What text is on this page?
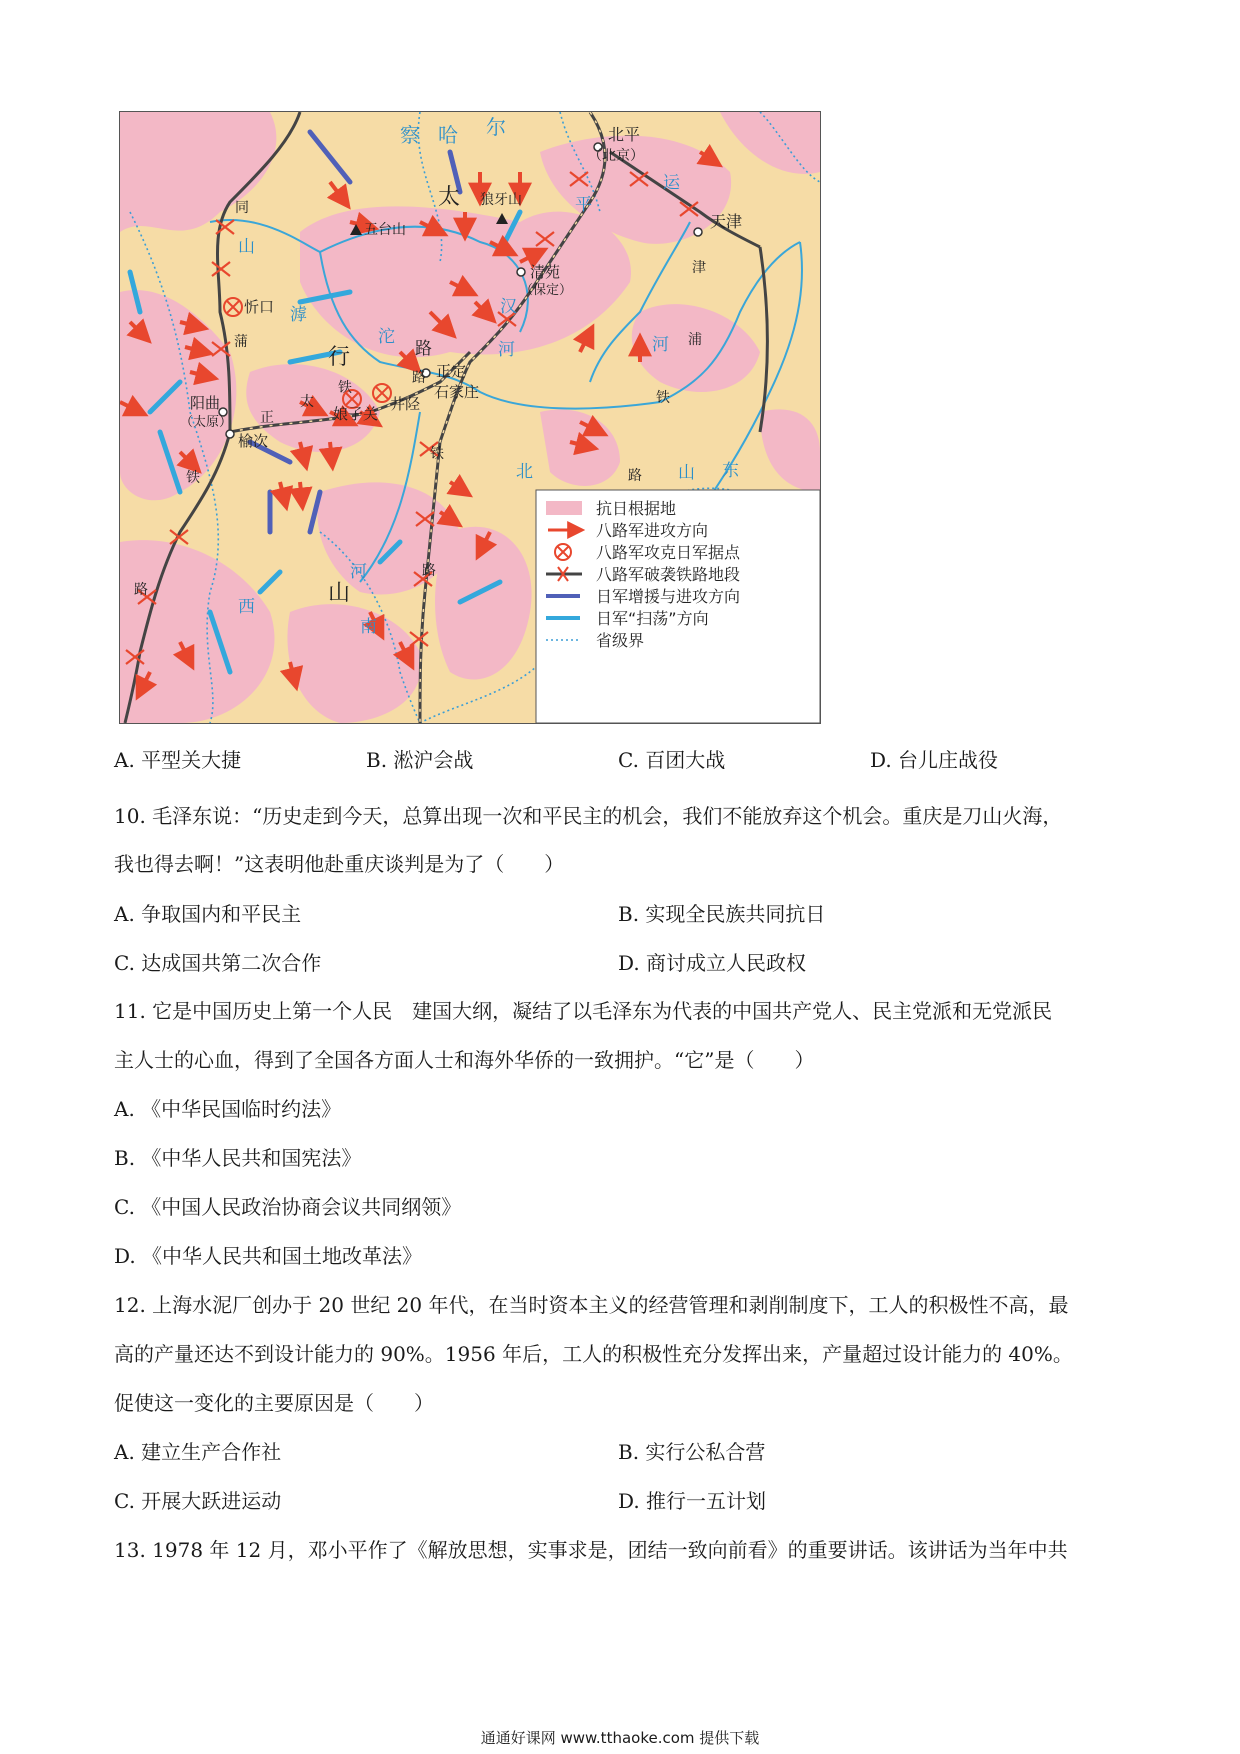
察 哈 尔	北平
（北京）
天津
狼牙山
五台山
太
行
山
平
汉
路
清苑
（保定）
忻口 滹
沱
河
同
蒲
正定
石家庄
娘子关
井陉
阳曲
（太原）
榆次
正
太
铁
路
运
河
津
浦
铁
路
北	山 东
铁
路	山
西
河
南
铁
路
抗日根据地
八路军进攻方向
八路军攻克日军据点
八路军破袭铁路地段
日军增援与进攻方向
日军“扫荡”方向
省级界
A. 平型关大捷	B. 淞沪会战	C. 百团大战	D. 台儿庄战役
10. 毛泽东说：“历史走到今天，总算出现一次和平民主的机会，我们不能放弃这个机会。重庆是刀山火海，
我也得去啊！”这表明他赴重庆谈判是为了（　　）
A. 争取国内和平民主	B. 实现全民族共同抗日
C. 达成国共第二次合作	D. 商讨成立人民政权
11. 它是中国历史上第一个人民　建国大纲，凝结了以毛泽东为代表的中国共产党人、民主党派和无党派民
主人士的心血，得到了全国各方面人士和海外华侨的一致拥护。“它”是（　　）
A. 《中华民国临时约法》
B. 《中华人民共和国宪法》
C. 《中国人民政治协商会议共同纲领》
D. 《中华人民共和国土地改革法》
12. 上海水泥厂创办于 20 世纪 20 年代，在当时资本主义的经营管理和剥削制度下，工人的积极性不高，最
高的产量还达不到设计能力的 90%。1956 年后，工人的积极性充分发挥出来，产量超过设计能力的 40%。
促使这一变化的主要原因是（　　）
A. 建立生产合作社	B. 实行公私合营
C. 开展大跃进运动	D. 推行一五计划
13. 1978 年 12 月，邓小平作了《解放思想，实事求是，团结一致向前看》的重要讲话。该讲话为当年中共
通通好课网 www.tthaoke.com 提供下载
